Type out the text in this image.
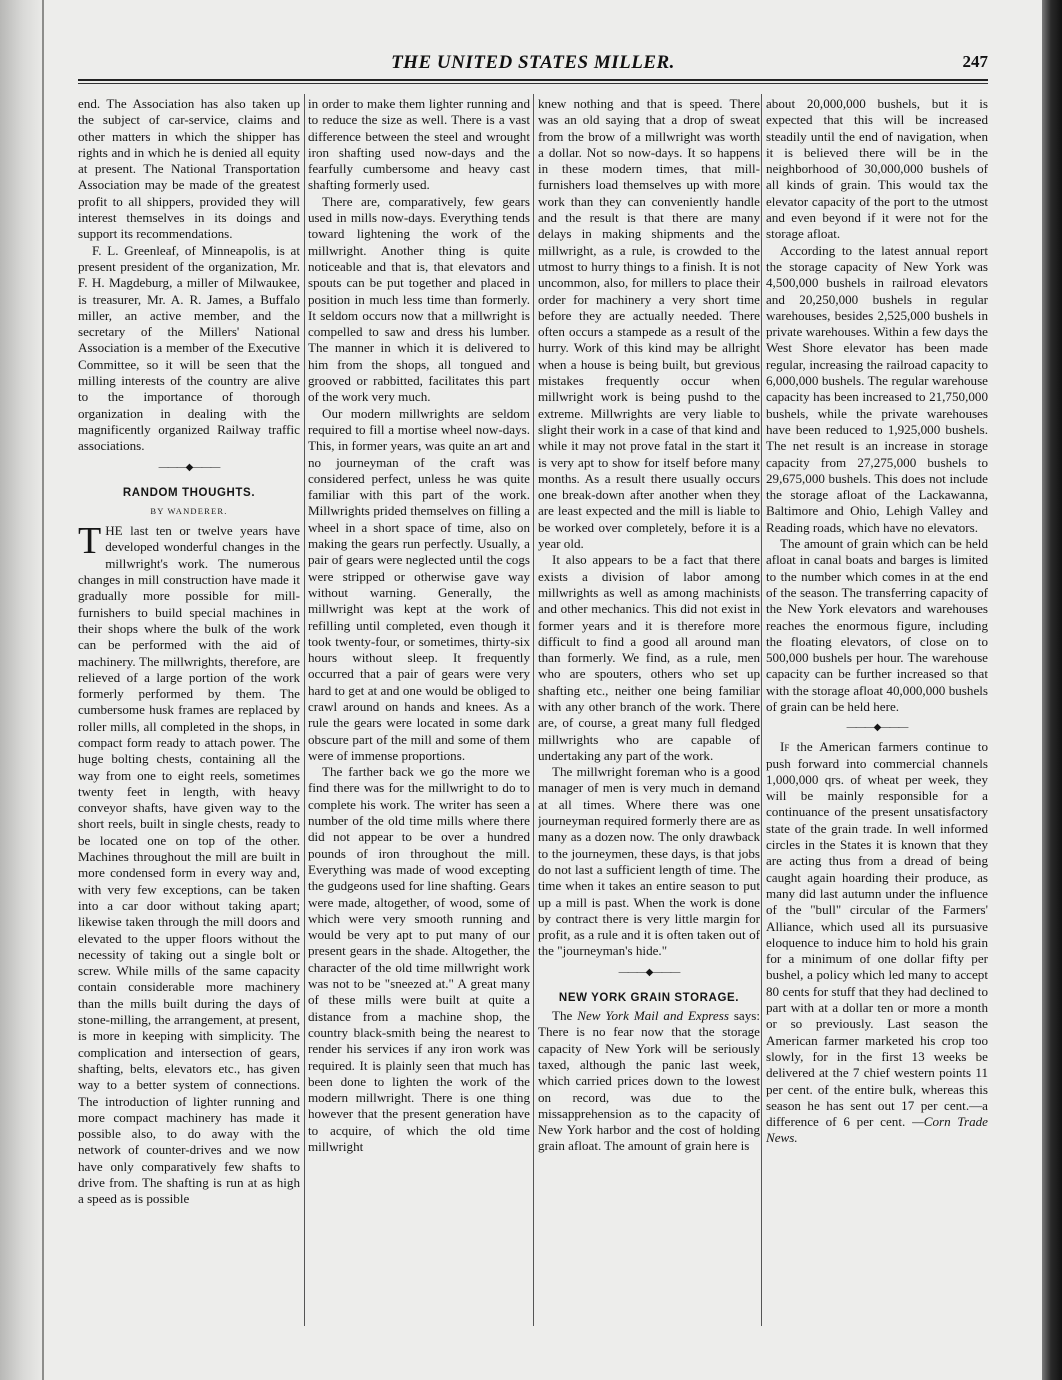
THE UNITED STATES MILLER.	247

end. The Association has also taken up the subject of car-service, claims and other matters in which the shipper has rights and in which he is denied all equity at present. The National Transportation Association may be made of the greatest profit to all shippers, provided they will interest themselves in its doings and support its recommendations.

F. L. Greenleaf, of Minneapolis, is at present president of the organization, Mr. F. H. Magdeburg, a miller of Milwaukee, is treasurer, Mr. A. R. James, a Buffalo miller, an active member, and the secretary of the Millers' National Association is a member of the Executive Committee, so it will be seen that the milling interests of the country are alive to the importance of thorough organization in dealing with the magnificently organized Railway traffic associations.

———◆———
RANDOM THOUGHTS.
BY WANDERER.

THE last ten or twelve years have developed wonderful changes in the millwright's work. The numerous changes in mill construction have made it gradually more possible for mill-furnishers to build special machines in their shops where the bulk of the work can be performed with the aid of machinery. The millwrights, therefore, are relieved of a large portion of the work formerly performed by them. The cumbersome husk frames are replaced by roller mills, all completed in the shops, in compact form ready to attach power. The huge bolting chests, containing all the way from one to eight reels, sometimes twenty feet in length, with heavy conveyor shafts, have given way to the short reels, built in single chests, ready to be located one on top of the other. Machines throughout the mill are built in more condensed form in every way and, with very few exceptions, can be taken into a car door without taking apart; likewise taken through the mill doors and elevated to the upper floors without the necessity of taking out a single bolt or screw. While mills of the same capacity contain considerable more machinery than the mills built during the days of stone-milling, the arrangement, at present, is more in keeping with simplicity. The complication and intersection of gears, shafting, belts, elevators etc., has given way to a better system of connections. The introduction of lighter running and more compact machinery has made it possible also, to do away with the network of counter-drives and we now have only comparatively few shafts to drive from. The shafting is run at as high a speed as is possible

in order to make them lighter running and to reduce the size as well. There is a vast difference between the steel and wrought iron shafting used now-days and the fearfully cumbersome and heavy cast shafting formerly used.

There are, comparatively, few gears used in mills now-days. Everything tends toward lightening the work of the millwright. Another thing is quite noticeable and that is, that elevators and spouts can be put together and placed in position in much less time than formerly. It seldom occurs now that a millwright is compelled to saw and dress his lumber. The manner in which it is delivered to him from the shops, all tongued and grooved or rabbitted, facilitates this part of the work very much.

Our modern millwrights are seldom required to fill a mortise wheel now-days. This, in former years, was quite an art and no journeyman of the craft was considered perfect, unless he was quite familiar with this part of the work. Millwrights prided themselves on filling a wheel in a short space of time, also on making the gears run perfectly. Usually, a pair of gears were neglected until the cogs were stripped or otherwise gave way without warning. Generally, the millwright was kept at the work of refilling until completed, even though it took twenty-four, or sometimes, thirty-six hours without sleep. It frequently occurred that a pair of gears were very hard to get at and one would be obliged to crawl around on hands and knees. As a rule the gears were located in some dark obscure part of the mill and some of them were of immense proportions.

The farther back we go the more we find there was for the millwright to do to complete his work. The writer has seen a number of the old time mills where there did not appear to be over a hundred pounds of iron throughout the mill. Everything was made of wood excepting the gudgeons used for line shafting. Gears were made, altogether, of wood, some of which were very smooth running and would be very apt to put many of our present gears in the shade. Altogether, the character of the old time millwright work was not to be "sneezed at." A great many of these mills were built at quite a distance from a machine shop, the country black-smith being the nearest to render his services if any iron work was required. It is plainly seen that much has been done to lighten the work of the modern millwright. There is one thing however that the present generation have to acquire, of which the old time millwright

knew nothing and that is speed. There was an old saying that a drop of sweat from the brow of a millwright was worth a dollar. Not so now-days. It so happens in these modern times, that mill-furnishers load themselves up with more work than they can conveniently handle and the result is that there are many delays in making shipments and the millwright, as a rule, is crowded to the utmost to hurry things to a finish. It is not uncommon, also, for millers to place their order for machinery a very short time before they are actually needed. There often occurs a stampede as a result of the hurry. Work of this kind may be allright when a house is being built, but grevious mistakes frequently occur when millwright work is being pushd to the extreme. Millwrights are very liable to slight their work in a case of that kind and while it may not prove fatal in the start it is very apt to show for itself before many months. As a result there usually occurs one break-down after another when they are least expected and the mill is liable to be worked over completely, before it is a year old.

It also appears to be a fact that there exists a division of labor among millwrights as well as among machinists and other mechanics. This did not exist in former years and it is therefore more difficult to find a good all around man than formerly. We find, as a rule, men who are spouters, others who set up shafting etc., neither one being familiar with any other branch of the work. There are, of course, a great many full fledged millwrights who are capable of undertaking any part of the work.

The millwright foreman who is a good manager of men is very much in demand at all times. Where there was one journeyman required formerly there are as many as a dozen now. The only drawback to the journeymen, these days, is that jobs do not last a sufficient length of time. The time when it takes an entire season to put up a mill is past. When the work is done by contract there is very little margin for profit, as a rule and it is often taken out of the "journeyman's hide."

———◆———
NEW YORK GRAIN STORAGE.

The New York Mail and Express says: There is no fear now that the storage capacity of New York will be seriously taxed, although the panic last week, which carried prices down to the lowest on record, was due to the missapprehension as to the capacity of New York harbor and the cost of holding grain afloat. The amount of grain here is

about 20,000,000 bushels, but it is expected that this will be increased steadily until the end of navigation, when it is believed there will be in the neighborhood of 30,000,000 bushels of all kinds of grain. This would tax the elevator capacity of the port to the utmost and even beyond if it were not for the storage afloat.

According to the latest annual report the storage capacity of New York was 4,500,000 bushels in railroad elevators and 20,250,000 bushels in regular warehouses, besides 2,525,000 bushels in private warehouses. Within a few days the West Shore elevator has been made regular, increasing the railroad capacity to 6,000,000 bushels. The regular warehouse capacity has been increased to 21,750,000 bushels, while the private warehouses have been reduced to 1,925,000 bushels. The net result is an increase in storage capacity from 27,275,000 bushels to 29,675,000 bushels. This does not include the storage afloat of the Lackawanna, Baltimore and Ohio, Lehigh Valley and Reading roads, which have no elevators.

The amount of grain which can be held afloat in canal boats and barges is limited to the number which comes in at the end of the season. The transferring capacity of the New York elevators and warehouses reaches the enormous figure, including the floating elevators, of close on to 500,000 bushels per hour. The warehouse capacity can be further increased so that with the storage afloat 40,000,000 bushels of grain can be held here.

———◆———

If the American farmers continue to push forward into commercial channels 1,000,000 qrs. of wheat per week, they will be mainly responsible for a continuance of the present unsatisfactory state of the grain trade. In well informed circles in the States it is known that they are acting thus from a dread of being caught again hoarding their produce, as many did last autumn under the influence of the "bull" circular of the Farmers' Alliance, which used all its pursuasive eloquence to induce him to hold his grain for a minimum of one dollar fifty per bushel, a policy which led many to accept 80 cents for stuff that they had declined to part with at a dollar ten or more a month or so previously. Last season the American farmer marketed his crop too slowly, for in the first 13 weeks be delivered at the 7 chief western points 11 per cent. of the entire bulk, whereas this season he has sent out 17 per cent.—a difference of 6 per cent. —Corn Trade News.
